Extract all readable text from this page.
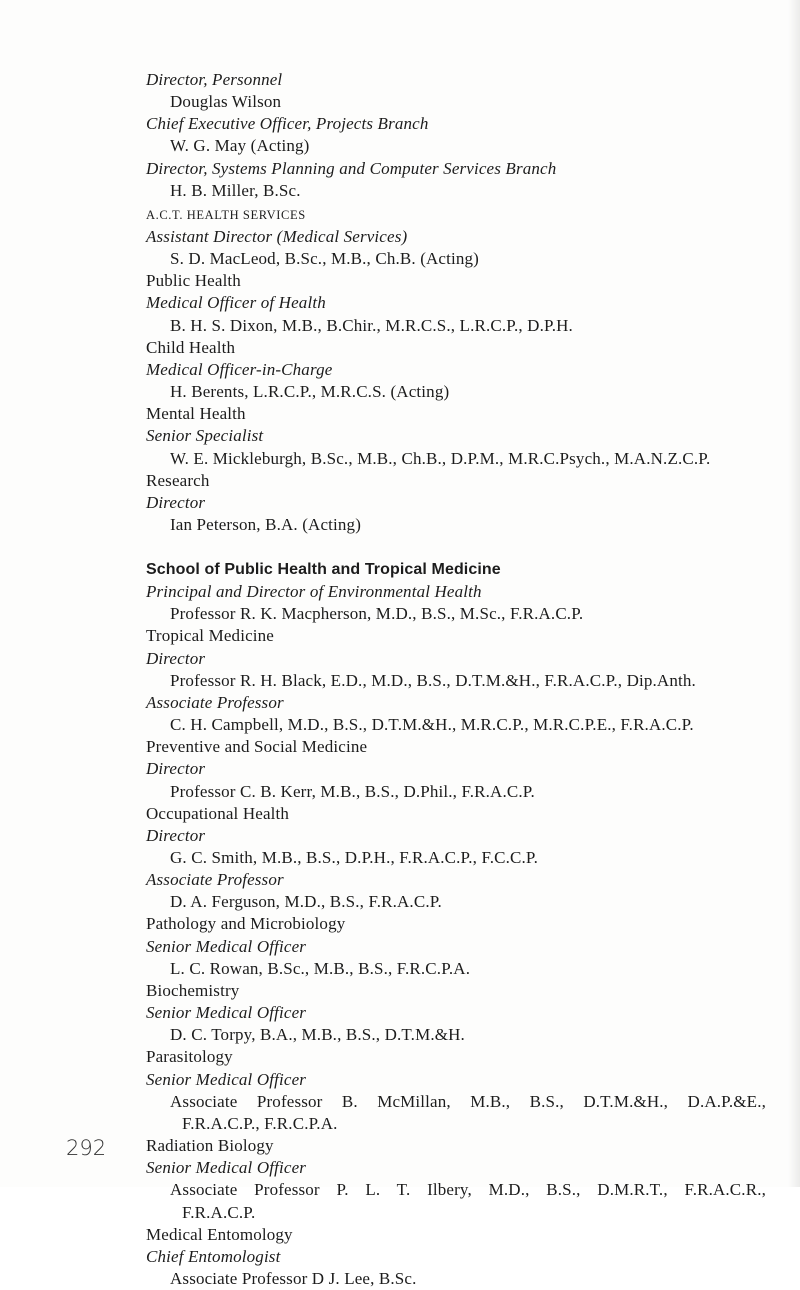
Director, Personnel
Douglas Wilson
Chief Executive Officer, Projects Branch
W. G. May (Acting)
Director, Systems Planning and Computer Services Branch
H. B. Miller, B.Sc.
A.C.T. HEALTH SERVICES
Assistant Director (Medical Services)
S. D. MacLeod, B.Sc., M.B., Ch.B. (Acting)
Public Health
Medical Officer of Health
B. H. S. Dixon, M.B., B.Chir., M.R.C.S., L.R.C.P., D.P.H.
Child Health
Medical Officer-in-Charge
H. Berents, L.R.C.P., M.R.C.S. (Acting)
Mental Health
Senior Specialist
W. E. Mickleburgh, B.Sc., M.B., Ch.B., D.P.M., M.R.C.Psych., M.A.N.Z.C.P.
Research
Director
Ian Peterson, B.A. (Acting)
School of Public Health and Tropical Medicine
Principal and Director of Environmental Health
Professor R. K. Macpherson, M.D., B.S., M.Sc., F.R.A.C.P.
Tropical Medicine
Director
Professor R. H. Black, E.D., M.D., B.S., D.T.M.&H., F.R.A.C.P., Dip.Anth.
Associate Professor
C. H. Campbell, M.D., B.S., D.T.M.&H., M.R.C.P., M.R.C.P.E., F.R.A.C.P.
Preventive and Social Medicine
Director
Professor C. B. Kerr, M.B., B.S., D.Phil., F.R.A.C.P.
Occupational Health
Director
G. C. Smith, M.B., B.S., D.P.H., F.R.A.C.P., F.C.C.P.
Associate Professor
D. A. Ferguson, M.D., B.S., F.R.A.C.P.
Pathology and Microbiology
Senior Medical Officer
L. C. Rowan, B.Sc., M.B., B.S., F.R.C.P.A.
Biochemistry
Senior Medical Officer
D. C. Torpy, B.A., M.B., B.S., D.T.M.&H.
Parasitology
Senior Medical Officer
Associate Professor B. McMillan, M.B., B.S., D.T.M.&H., D.A.P.&E.,
F.R.A.C.P., F.R.C.P.A.
Radiation Biology
Senior Medical Officer
Associate Professor P. L. T. Ilbery, M.D., B.S., D.M.R.T., F.R.A.C.R.,
F.R.A.C.P.
Medical Entomology
Chief Entomologist
Associate Professor D J. Lee, B.Sc.
292
